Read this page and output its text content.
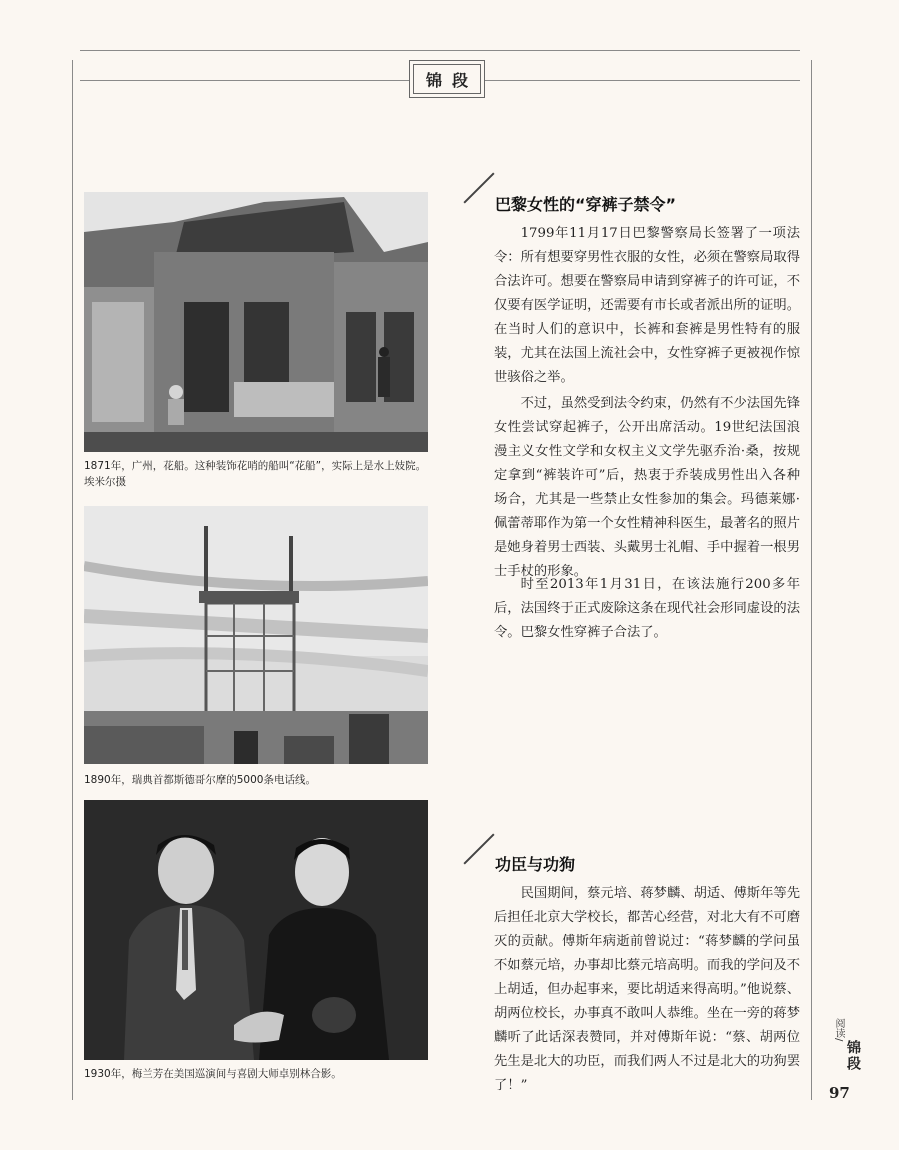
锦段
1871年，广州，花船。这种装饰花哨的船叫“花船”，实际上是水上妓院。埃米尔摄
1890年，瑞典首都斯德哥尔摩的5000条电话线。
1930年，梅兰芳在美国巡演间与喜剧大师卓别林合影。
巴黎女性的“穿裤子禁令”

1799年11月17日巴黎警察局长签署了一项法令：所有想要穿男性衣服的女性，必须在警察局取得合法许可。想要在警察局申请到穿裤子的许可证，不仅要有医学证明，还需要有市长或者派出所的证明。在当时人们的意识中，长裤和套裤是男性特有的服装，尤其在法国上流社会中，女性穿裤子更被视作惊世骇俗之举。

不过，虽然受到法令约束，仍然有不少法国先锋女性尝试穿起裤子，公开出席活动。19世纪法国浪漫主义女性文学和女权主义文学先驱乔治·桑，按规定拿到“裤装许可”后，热衷于乔装成男性出入各种场合，尤其是一些禁止女性参加的集会。玛德莱娜·佩蕾蒂耶作为第一个女性精神科医生，最著名的照片是她身着男士西装、头戴男士礼帽、手中握着一根男士手杖的形象。

时至2013年1月31日，在该法施行200多年后，法国终于正式废除这条在现代社会形同虚设的法令。巴黎女性穿裤子合法了。

功臣与功狗

民国期间，蔡元培、蒋梦麟、胡适、傅斯年等先后担任北京大学校长，都苦心经营，对北大有不可磨灭的贡献。傅斯年病逝前曾说过：“蒋梦麟的学问虽不如蔡元培，办事却比蔡元培高明。而我的学问及不上胡适，但办起事来，要比胡适来得高明。”他说蔡、胡两位校长，办事真不敢叫人恭维。坐在一旁的蒋梦麟听了此话深表赞同，并对傅斯年说：“蔡、胡两位先生是北大的功臣，而我们两人不过是北大的功狗罢了！”

阅读/
锦段
97
